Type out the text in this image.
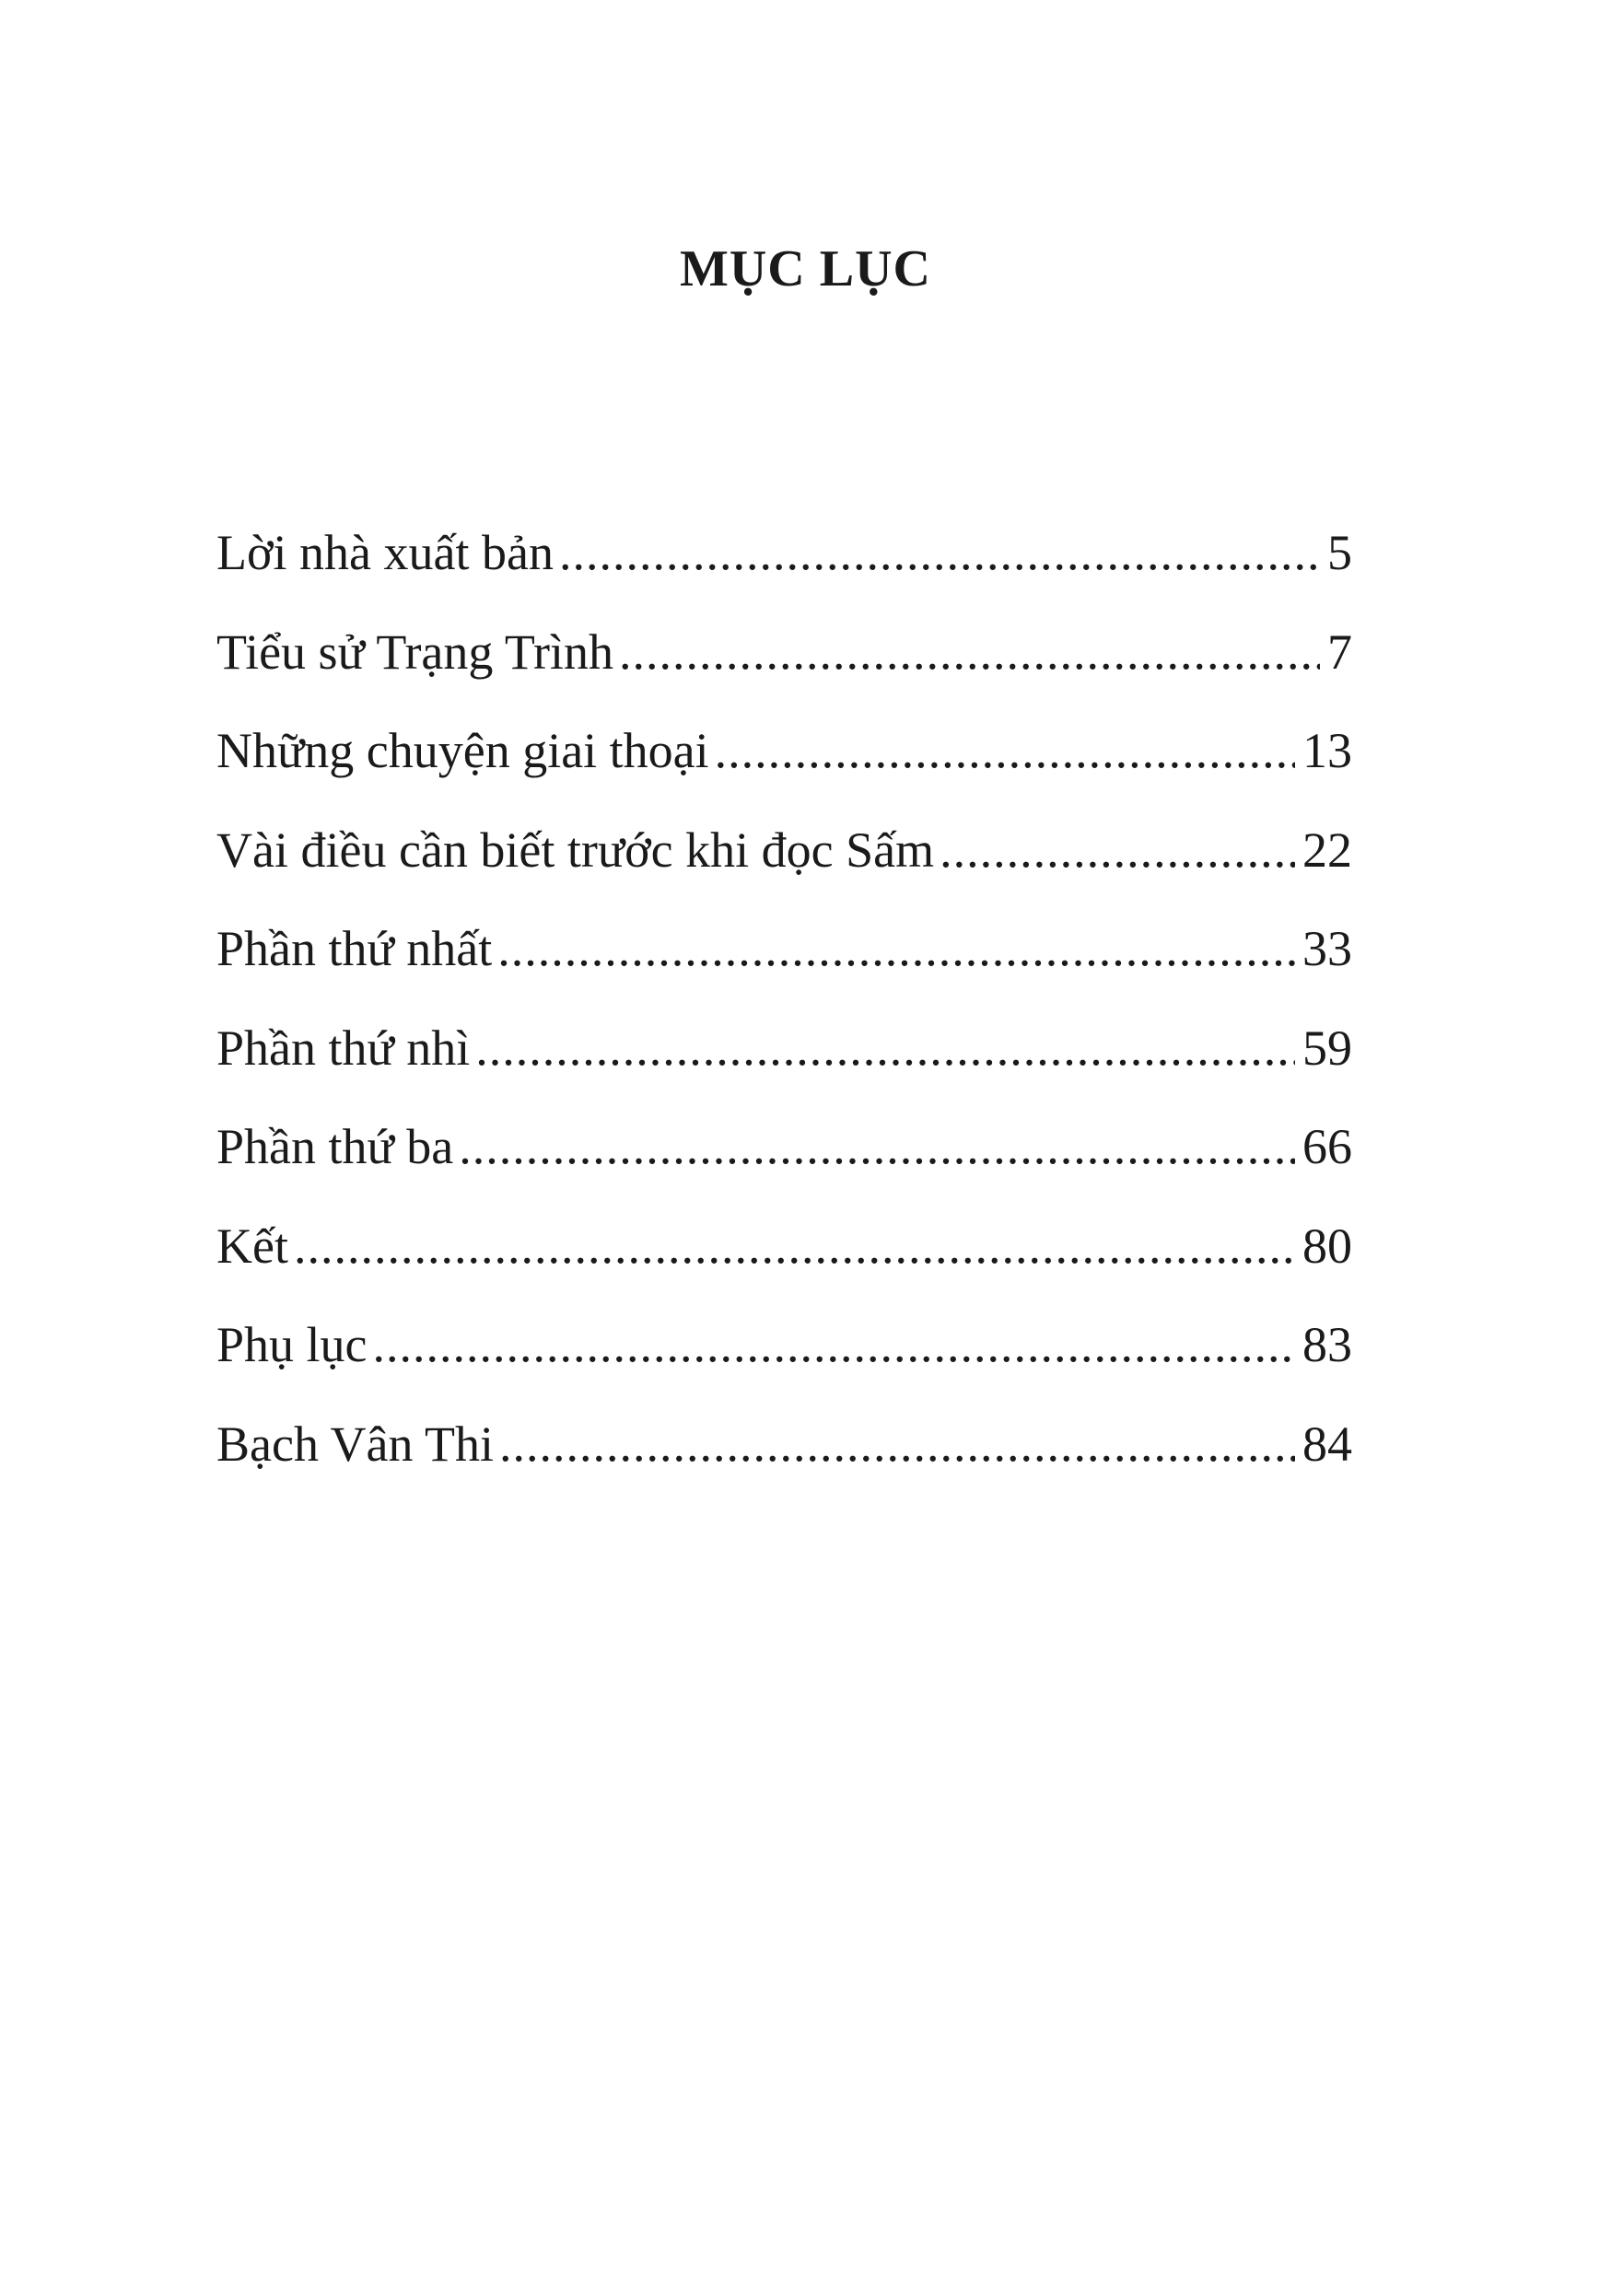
MỤC LỤC
Lời nhà xuất bản .....	5
Tiểu sử Trạng Trình .....	7
Những chuyện giai thoại .....	13
Vài điều cần biết trước khi đọc Sấm .....	22
Phần thứ nhất .....	33
Phần thứ nhì .....	59
Phần thứ ba .....	66
Kết .....	80
Phụ lục .....	83
Bạch Vân Thi .....	84
